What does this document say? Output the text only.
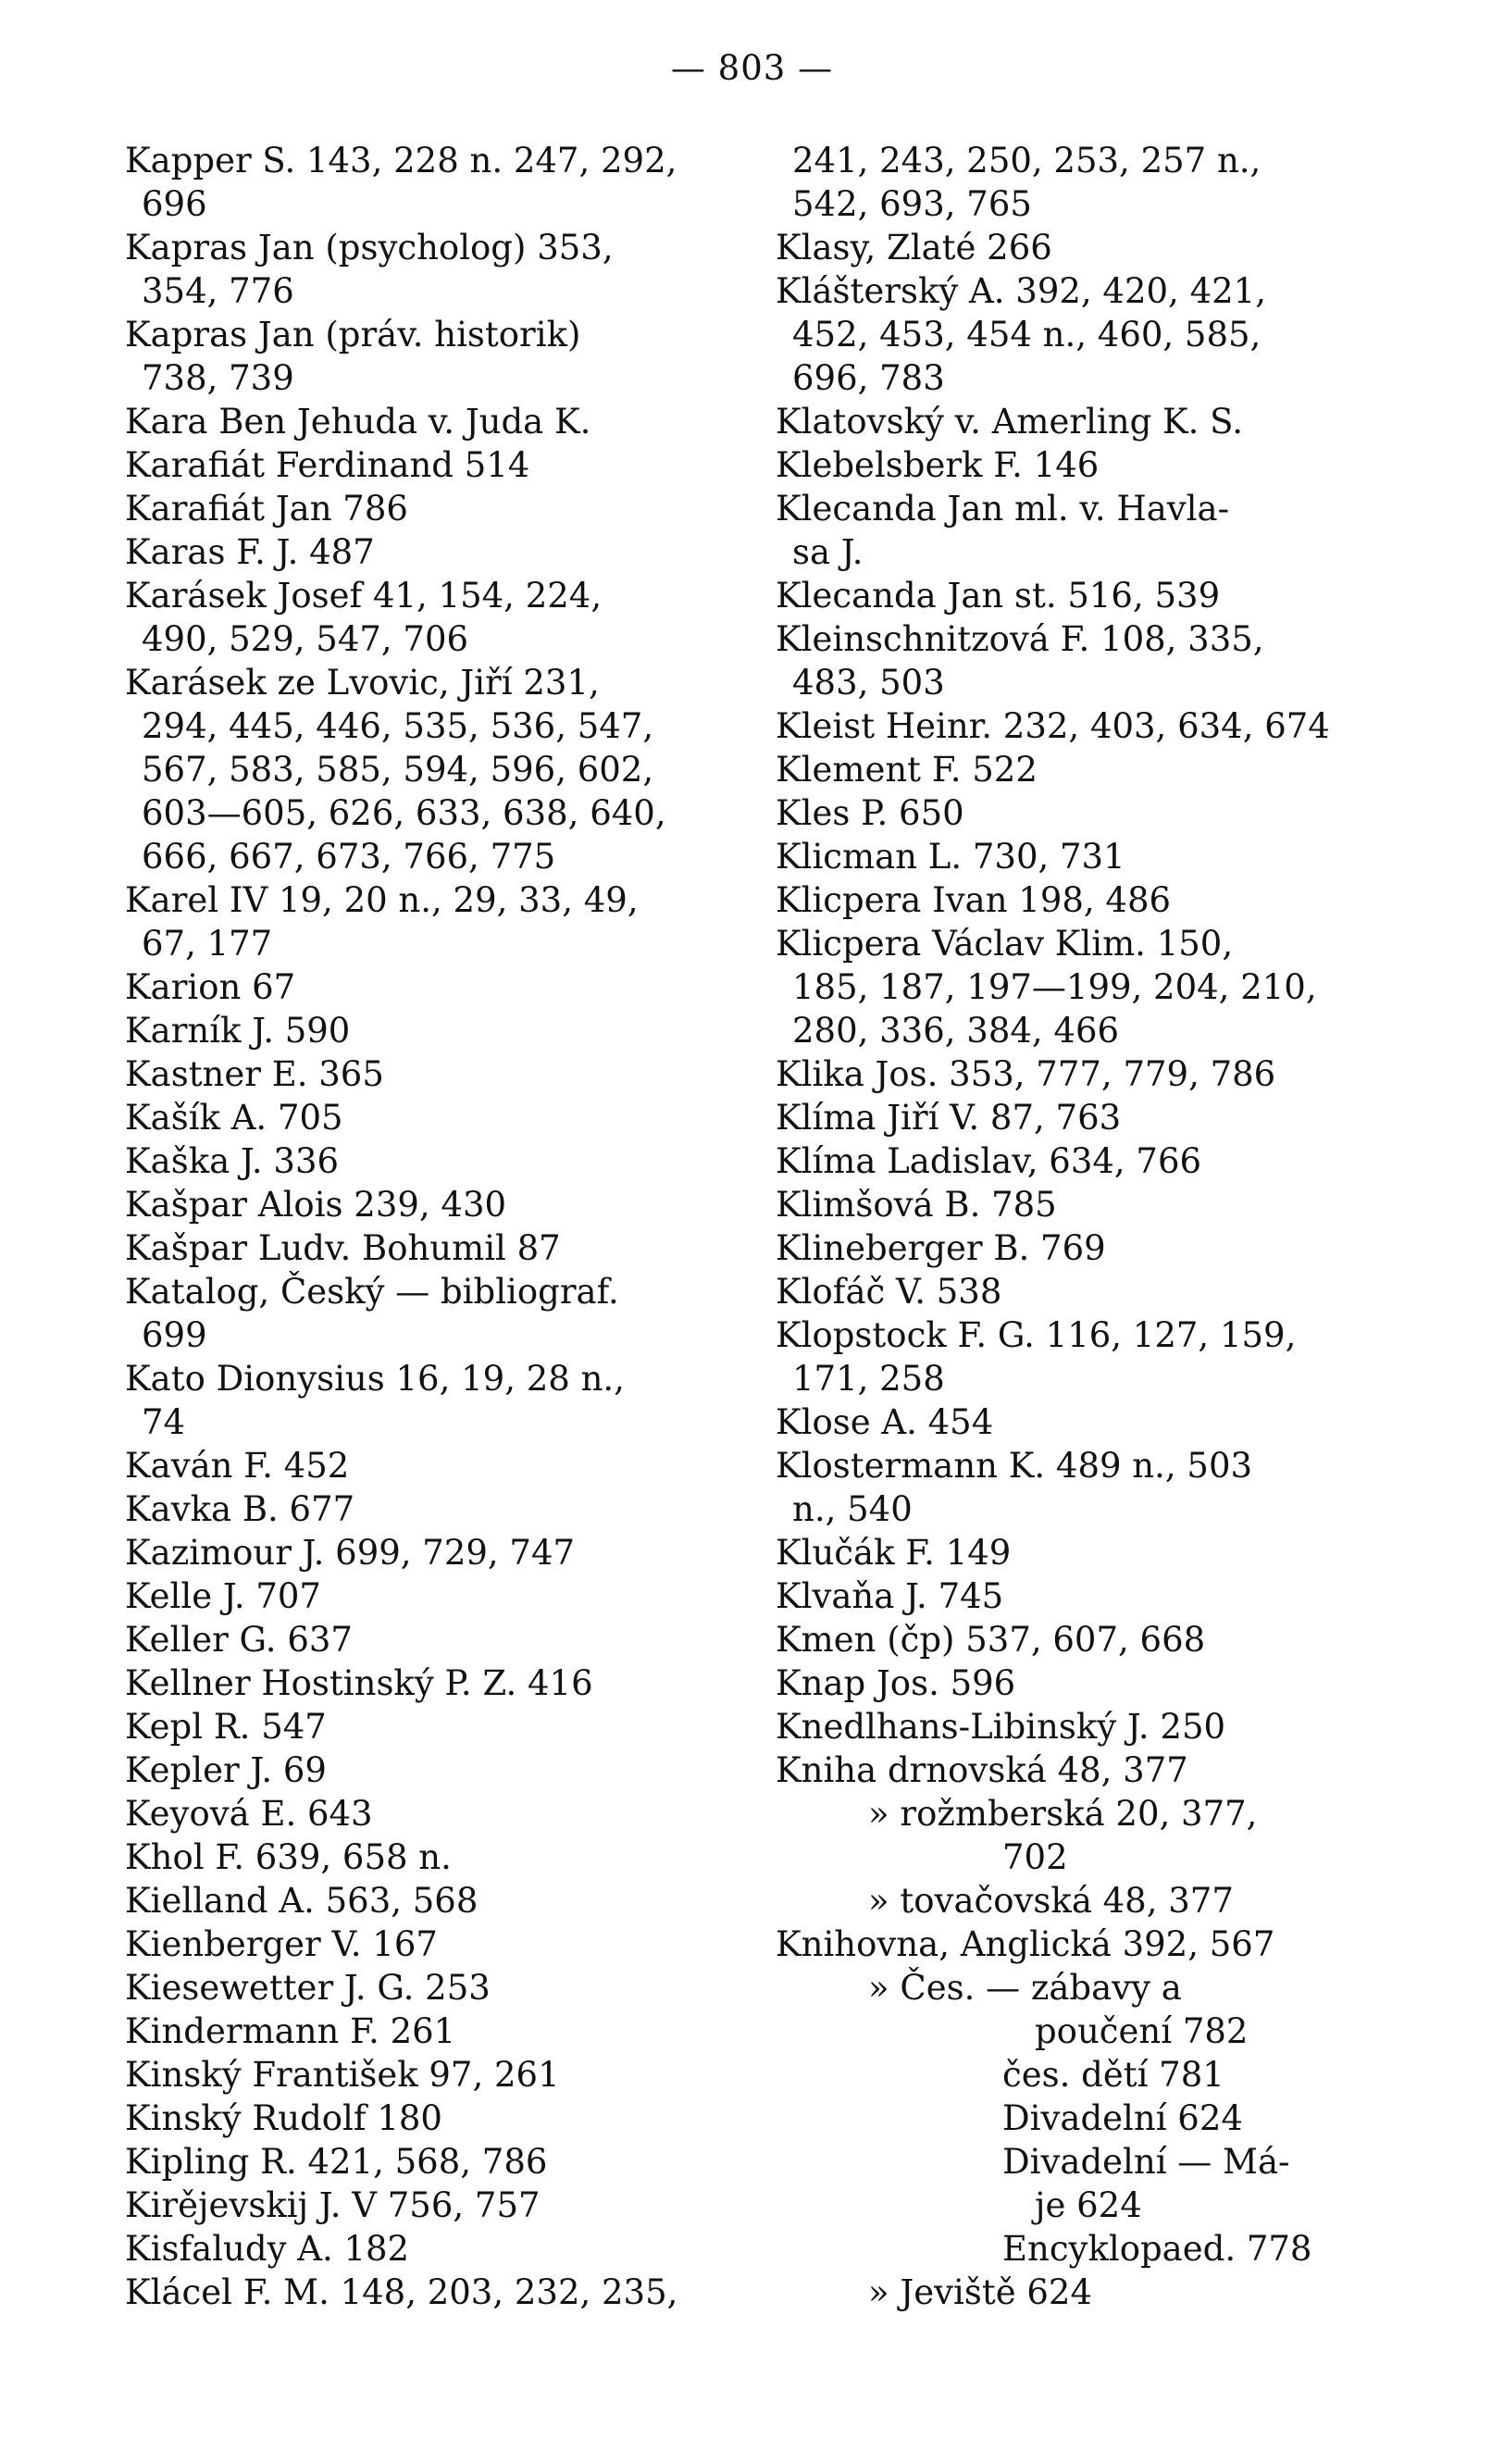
— 803 —
Kapper S. 143, 228 n. 247, 292,
696
Kapras Jan (psycholog) 353,
354, 776
Kapras Jan (práv. historik)
738, 739
Kara Ben Jehuda v. Juda K.
Karafiát Ferdinand 514
Karafiát Jan 786
Karas F. J. 487
Karásek Josef 41, 154, 224,
490, 529, 547, 706
Karásek ze Lvovic, Jiří 231,
294, 445, 446, 535, 536, 547,
567, 583, 585, 594, 596, 602,
603—605, 626, 633, 638, 640,
666, 667, 673, 766, 775
Karel IV 19, 20 n., 29, 33, 49,
67, 177
Karion 67
Karník J. 590
Kastner E. 365
Kašík A. 705
Kaška J. 336
Kašpar Alois 239, 430
Kašpar Ludv. Bohumil 87
Katalog, Český — bibliograf.
699
Kato Dionysius 16, 19, 28 n.,
74
Kaván F. 452
Kavka B. 677
Kazimour J. 699, 729, 747
Kelle J. 707
Keller G. 637
Kellner Hostinský P. Z. 416
Kepl R. 547
Kepler J. 69
Keyová E. 643
Khol F. 639, 658 n.
Kielland A. 563, 568
Kienberger V. 167
Kiesewetter J. G. 253
Kindermann F. 261
Kinský František 97, 261
Kinský Rudolf 180
Kipling R. 421, 568, 786
Kirějevskij J. V 756, 757
Kisfaludy A. 182
Klácel F. M. 148, 203, 232, 235,
241, 243, 250, 253, 257 n.,
542, 693, 765
Klasy, Zlaté 266
Klášterský A. 392, 420, 421,
452, 453, 454 n., 460, 585,
696, 783
Klatovský v. Amerling K. S.
Klebelsberk F. 146
Klecanda Jan ml. v. Havla-
sa J.
Klecanda Jan st. 516, 539
Kleinschnitzová F. 108, 335,
483, 503
Kleist Heinr. 232, 403, 634, 674
Klement F. 522
Kles P. 650
Klicman L. 730, 731
Klicpera Ivan 198, 486
Klicpera Václav Klim. 150,
185, 187, 197—199, 204, 210,
280, 336, 384, 466
Klika Jos. 353, 777, 779, 786
Klíma Jiří V. 87, 763
Klíma Ladislav, 634, 766
Klimšová B. 785
Klineberger B. 769
Klofáč V. 538
Klopstock F. G. 116, 127, 159,
171, 258
Klose A. 454
Klostermann K. 489 n., 503
n., 540
Klučák F. 149
Klvaňa J. 745
Kmen (čp) 537, 607, 668
Knap Jos. 596
Knedlhans-Libinský J. 250
Kniha drnovská 48, 377
» rožmberská 20, 377,
702
» tovačovská 48, 377
Knihovna, Anglická 392, 567
» Čes. — zábavy a
poučení 782
čes. dětí 781
Divadelní 624
Divadelní — Má-
je 624
Encyklopaed. 778
» Jeviště 624
